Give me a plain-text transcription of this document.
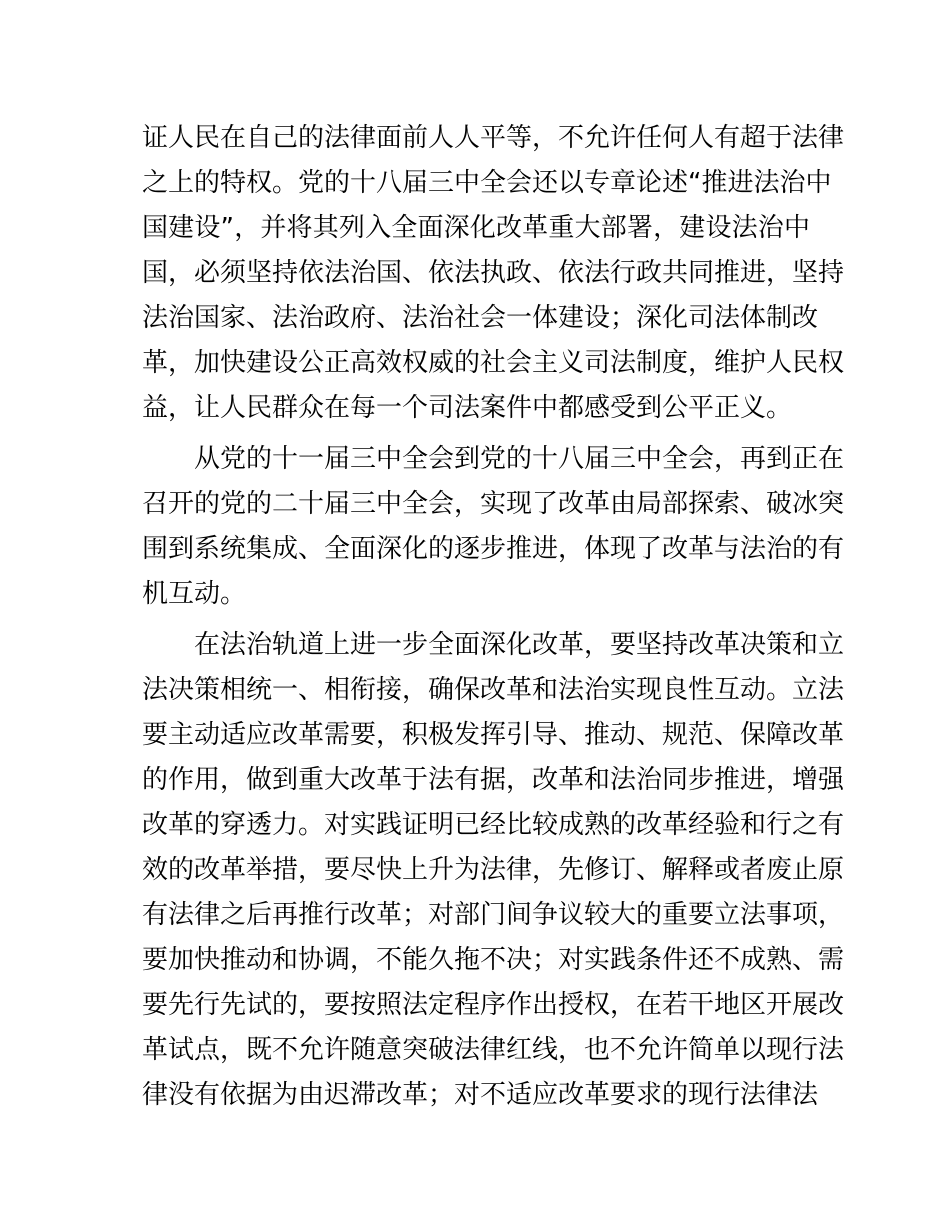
证人民在自己的法律面前人人平等，不允许任何人有超于法律
之上的特权。党的十八届三中全会还以专章论述“推进法治中
国建设”，并将其列入全面深化改革重大部署，建设法治中
国，必须坚持依法治国、依法执政、依法行政共同推进，坚持
法治国家、法治政府、法治社会一体建设；深化司法体制改
革，加快建设公正高效权威的社会主义司法制度，维护人民权
益，让人民群众在每一个司法案件中都感受到公平正义。

从党的十一届三中全会到党的十八届三中全会，再到正在
召开的党的二十届三中全会，实现了改革由局部探索、破冰突
围到系统集成、全面深化的逐步推进，体现了改革与法治的有
机互动。

在法治轨道上进一步全面深化改革，要坚持改革决策和立
法决策相统一、相衔接，确保改革和法治实现良性互动。立法
要主动适应改革需要，积极发挥引导、推动、规范、保障改革
的作用，做到重大改革于法有据，改革和法治同步推进，增强
改革的穿透力。对实践证明已经比较成熟的改革经验和行之有
效的改革举措，要尽快上升为法律，先修订、解释或者废止原
有法律之后再推行改革；对部门间争议较大的重要立法事项，
要加快推动和协调，不能久拖不决；对实践条件还不成熟、需
要先行先试的，要按照法定程序作出授权，在若干地区开展改
革试点，既不允许随意突破法律红线，也不允许简单以现行法
律没有依据为由迟滞改革；对不适应改革要求的现行法律法
